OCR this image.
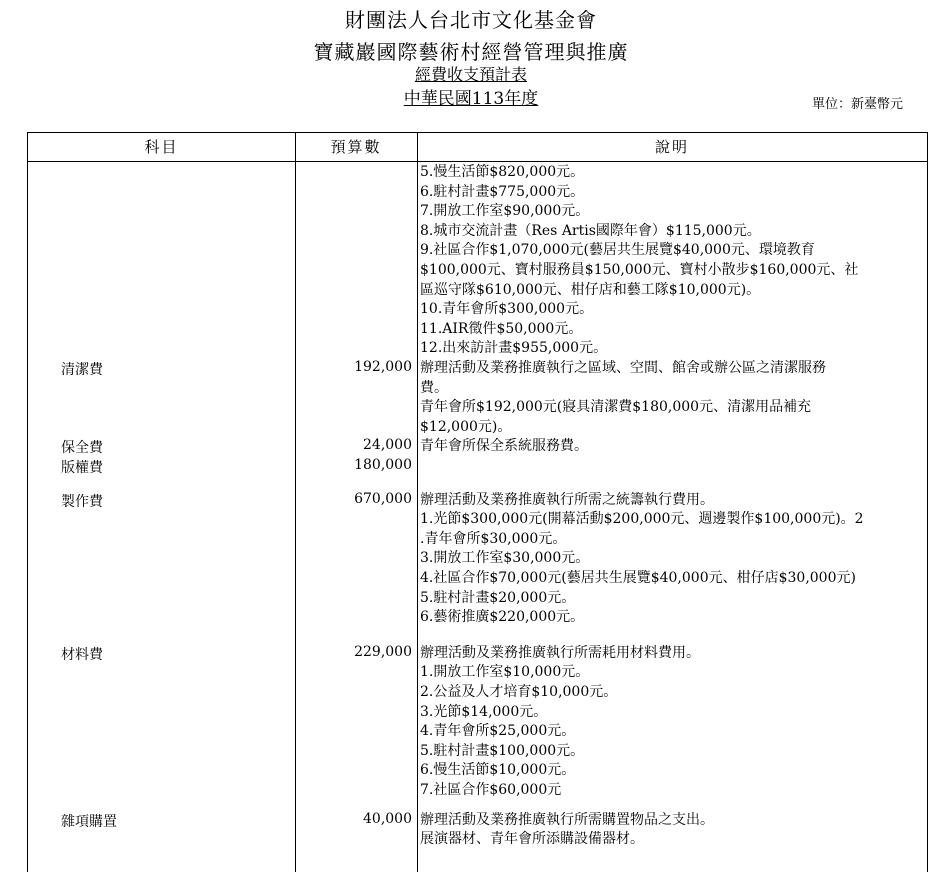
財團法人台北市文化基金會
寶藏巖國際藝術村經營管理與推廣
經費收支預計表
中華民國113年度	單位：新臺幣元
科目	預算數	說明
5.慢生活節$820,000元。
6.駐村計畫$775,000元。
7.開放工作室$90,000元。
8.城市交流計畫（Res Artis國際年會）$115,000元。
9.社區合作$1,070,000元(藝居共生展覽$40,000元、環境教育
$100,000元、寶村服務員$150,000元、寶村小散步$160,000元、社
區巡守隊$610,000元、柑仔店和藝工隊$10,000元)。
10.青年會所$300,000元。
11.AIR徵件$50,000元。
12.出來訪計畫$955,000元。
清潔費	192,000 辦理活動及業務推廣執行之區域、空間、館舍或辦公區之清潔服務
費。
青年會所$192,000元(寢具清潔費$180,000元、清潔用品補充
$12,000元)。
保全費	24,000 青年會所保全系統服務費。
版權費	180,000
製作費	670,000 辦理活動及業務推廣執行所需之統籌執行費用。
1.光節$300,000元(開幕活動$200,000元、週邊製作$100,000元)。2
.青年會所$30,000元。
3.開放工作室$30,000元。
4.社區合作$70,000元(藝居共生展覽$40,000元、柑仔店$30,000元)
5.駐村計畫$20,000元。
6.藝術推廣$220,000元。
材料費	229,000 辦理活動及業務推廣執行所需耗用材料費用。
1.開放工作室$10,000元。
2.公益及人才培育$10,000元。
3.光節$14,000元。
4.青年會所$25,000元。
5.駐村計畫$100,000元。
6.慢生活節$10,000元。
7.社區合作$60,000元
雜項購置	40,000 辦理活動及業務推廣執行所需購置物品之支出。
展演器材、青年會所添購設備器材。
